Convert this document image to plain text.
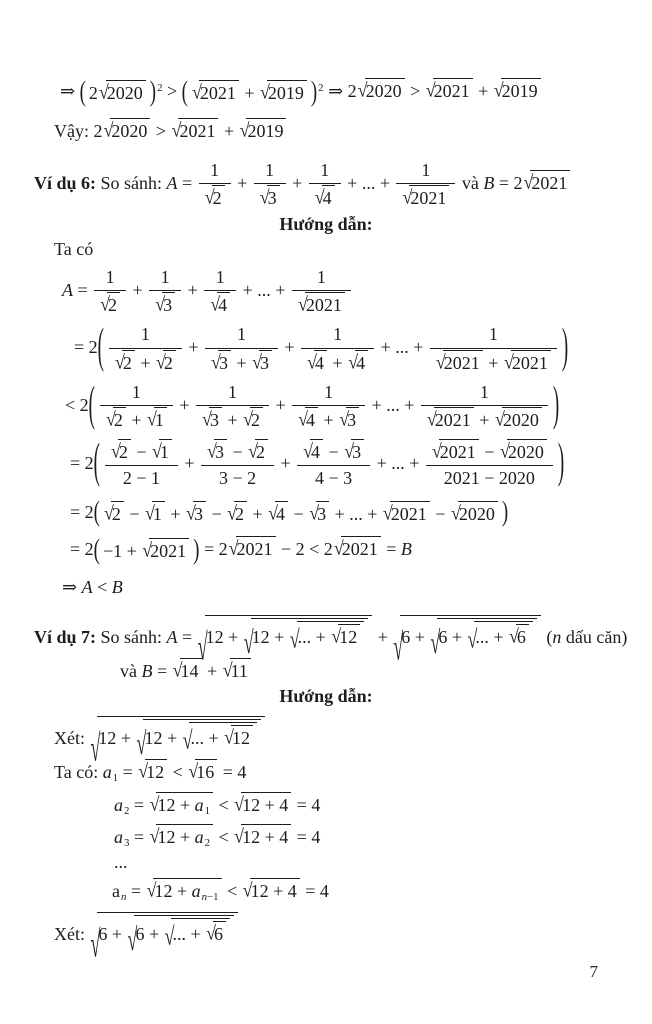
⇒ ( 2√2020 ) $^2$ > ( √2021 + √2019 ) $^2$ ⇒ 2√2020 > √2021 + √2019
Vậy: 2√2020 > √2021 + √2019
Ví dụ 6: So sánh: $A = \frac{1}{√2} + \frac{1}{√3} + \frac{1}{√4}$ + ... + $\frac{1}{√2021}$ và B = 2√2021
Hướng dẫn:
Ta có
$A = \frac{1}{√2} + \frac{1}{√3} + \frac{1}{√4}$ + ... + $\frac{1}{√2021}$
= 2 ( $\frac{1}{√2 + √2} + \frac{1}{√3 + √3} + \frac{1}{√4 + √4}$ + ... + $\frac{1}{√2021 + √2021}$ )
< 2 ( $\frac{1}{√2 + √1} + \frac{1}{√3 + √2} + \frac{1}{√4 + √3}$ + ... + $\frac{1}{√2021 + √2020}$ )
= 2 ( $\frac{√2 - √1}{2 - 1} + \frac{√3 - √2}{3 - 2} + \frac{√4 - √3}{4 - 3}$ + ... + $\frac{√2021 - √2020}{2021 - 2020}$ )
= 2 ( √2 − √1 + √3 − √2 + √4 − √3 + ... + √2021 − √2020 )
= 2 ( −1 + √2021 ) = 2√2021 − 2 < 2√2021 = B
⇒ A < B
Ví dụ 7: So sánh: A = √12 + √12 + √... + √12 + √6 + √6 + √... + √6 (n dấu căn)
và B = √14 + √11
Hướng dẫn:
Xét: √12 + √12 + √... + √12
Ta có: $a_1 = √12 < √16 = 4$
$a_2 = √12 + a_1 < √12 + 4 = 4$
$a_3 = √12 + a_2 < √12 + 4 = 4$
...
$a_n = √12 + a_{n-1} < √12 + 4 = 4$
Xét: √6 + √6 + √... + √6
7
